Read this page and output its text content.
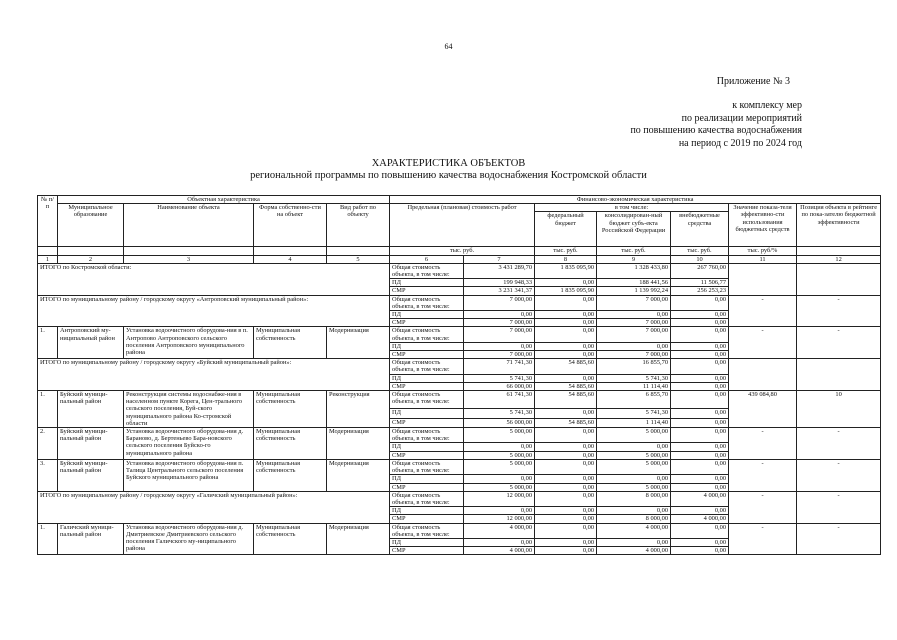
64
Приложение № 3
к комплексу мер
по реализации мероприятий
по повышению качества водоснабжения
на период с 2019 по 2024 год
ХАРАКТЕРИСТИКА ОБЪЕКТОВ
региональной программы по повышению качества водоснабжения Костромской области
№ п/п	Объектная характеристика				Финансово-экономическая характеристика						
	Муниципальное образование	Наименование объекта	Форма собственно-сти на объект	Вид работ по объекту	Предельная (плановая) стоимость работ		в том числе:			Значение показа-теля эффективно-сти использования бюджетных средств	Позиция объекта в рейтинге по пока-зателю бюджетной эффективности
							федеральный бюджет	консолидирован-ный бюджет субъ-екта Российской Федерации	внебюджетные средства		
					тыс. руб.		тыс. руб.	тыс. руб.	тыс. руб.	тыс. руб/%	
1	2	3	4	5	6	7	8	9	10	11	12
ИТОГО по Костромской области:					Общая стоимость объекта, в том числе:	3 431 289,70	1 835 095,90	1 328 433,80	267 760,00		
					ПД	199 948,33	0,00	188 441,56	11 506,77		
					СМР	3 231 341,37	1 835 095,90	1 139 992,24	256 253,23		
ИТОГО по муниципальному району / городскому округу «Антроповский муниципальный район»:					Общая стоимость объекта, в том числе:	7 000,00	0,00	7 000,00	0,00	-	-
					ПД	0,00	0,00	0,00	0,00		
					СМР	7 000,00	0,00	7 000,00	0,00		
1.	Антроповский му-ниципальный район	Установка водоочистного оборудова-ния в п. Антропово Антроповского сельского поселения Антроповского муниципального района	Муниципальная собственность	Модернизация	Общая стоимость объекта, в том числе:	7 000,00	0,00	7 000,00	0,00	-	-
					ПД	0,00	0,00	0,00	0,00		
					СМР	7 000,00	0,00	7 000,00	0,00		
ИТОГО по муниципальному району / городскому округу «Буйский муниципальный район»:					Общая стоимость объекта, в том числе:	71 741,30	54 885,60	16 855,70	0,00		
					ПД	5 741,30	0,00	5 741,30	0,00		
					СМР	66 000,00	54 885,60	11 114,40	0,00		
1.	Буйский муници-пальный район	Реконструкция системы водоснабже-ния в населенном пункте Корега, Цен-трального сельского поселения, Буй-ского муниципального района Ко-стромской области	Муниципальная собственность	Реконструкция	Общая стоимость объекта, в том числе:	61 741,30	54 885,60	6 855,70	0,00	439 084,80	10
					ПД	5 741,30	0,00	5 741,30	0,00		
					СМР	56 000,00	54 885,60	1 114,40	0,00		
2.	Буйский муници-пальный район	Установка водоочистного оборудова-ния д. Бараново, д. Бертеньево Бара-новского сельского поселения Буйско-го муниципального района	Муниципальная собственность	Модернизация	Общая стоимость объекта, в том числе:	5 000,00	0,00	5 000,00	0,00	-	-
					ПД	0,00	0,00	0,00	0,00		
					СМР	5 000,00	0,00	5 000,00	0,00		
3.	Буйский муници-пальный район	Установка водоочистного оборудова-ния п. Талица Центрального сельского поселения Буйского муниципального района	Муниципальная собственность	Модернизация	Общая стоимость объекта, в том числе:	5 000,00	0,00	5 000,00	0,00	-	-
					ПД	0,00	0,00	0,00	0,00		
					СМР	5 000,00	0,00	5 000,00	0,00		
ИТОГО по муниципальному району / городскому округу «Галичский муниципальный район»:					Общая стоимость объекта, в том числе:	12 000,00	0,00	8 000,00	4 000,00	-	-
					ПД	0,00	0,00	0,00	0,00		
					СМР	12 000,00	0,00	8 000,00	4 000,00		
1.	Галичский муници-пальный район	Установка водоочистного оборудова-ния д. Дмитриевское Дмитриевского сельского поселения Галичского му-ниципального района	Муниципальная собственность	Модернизация	Общая стоимость объекта, в том числе:	4 000,00	0,00	4 000,00	0,00	-	-
					ПД	0,00	0,00	0,00	0,00		
					СМР	4 000,00	0,00	4 000,00	0,00		
